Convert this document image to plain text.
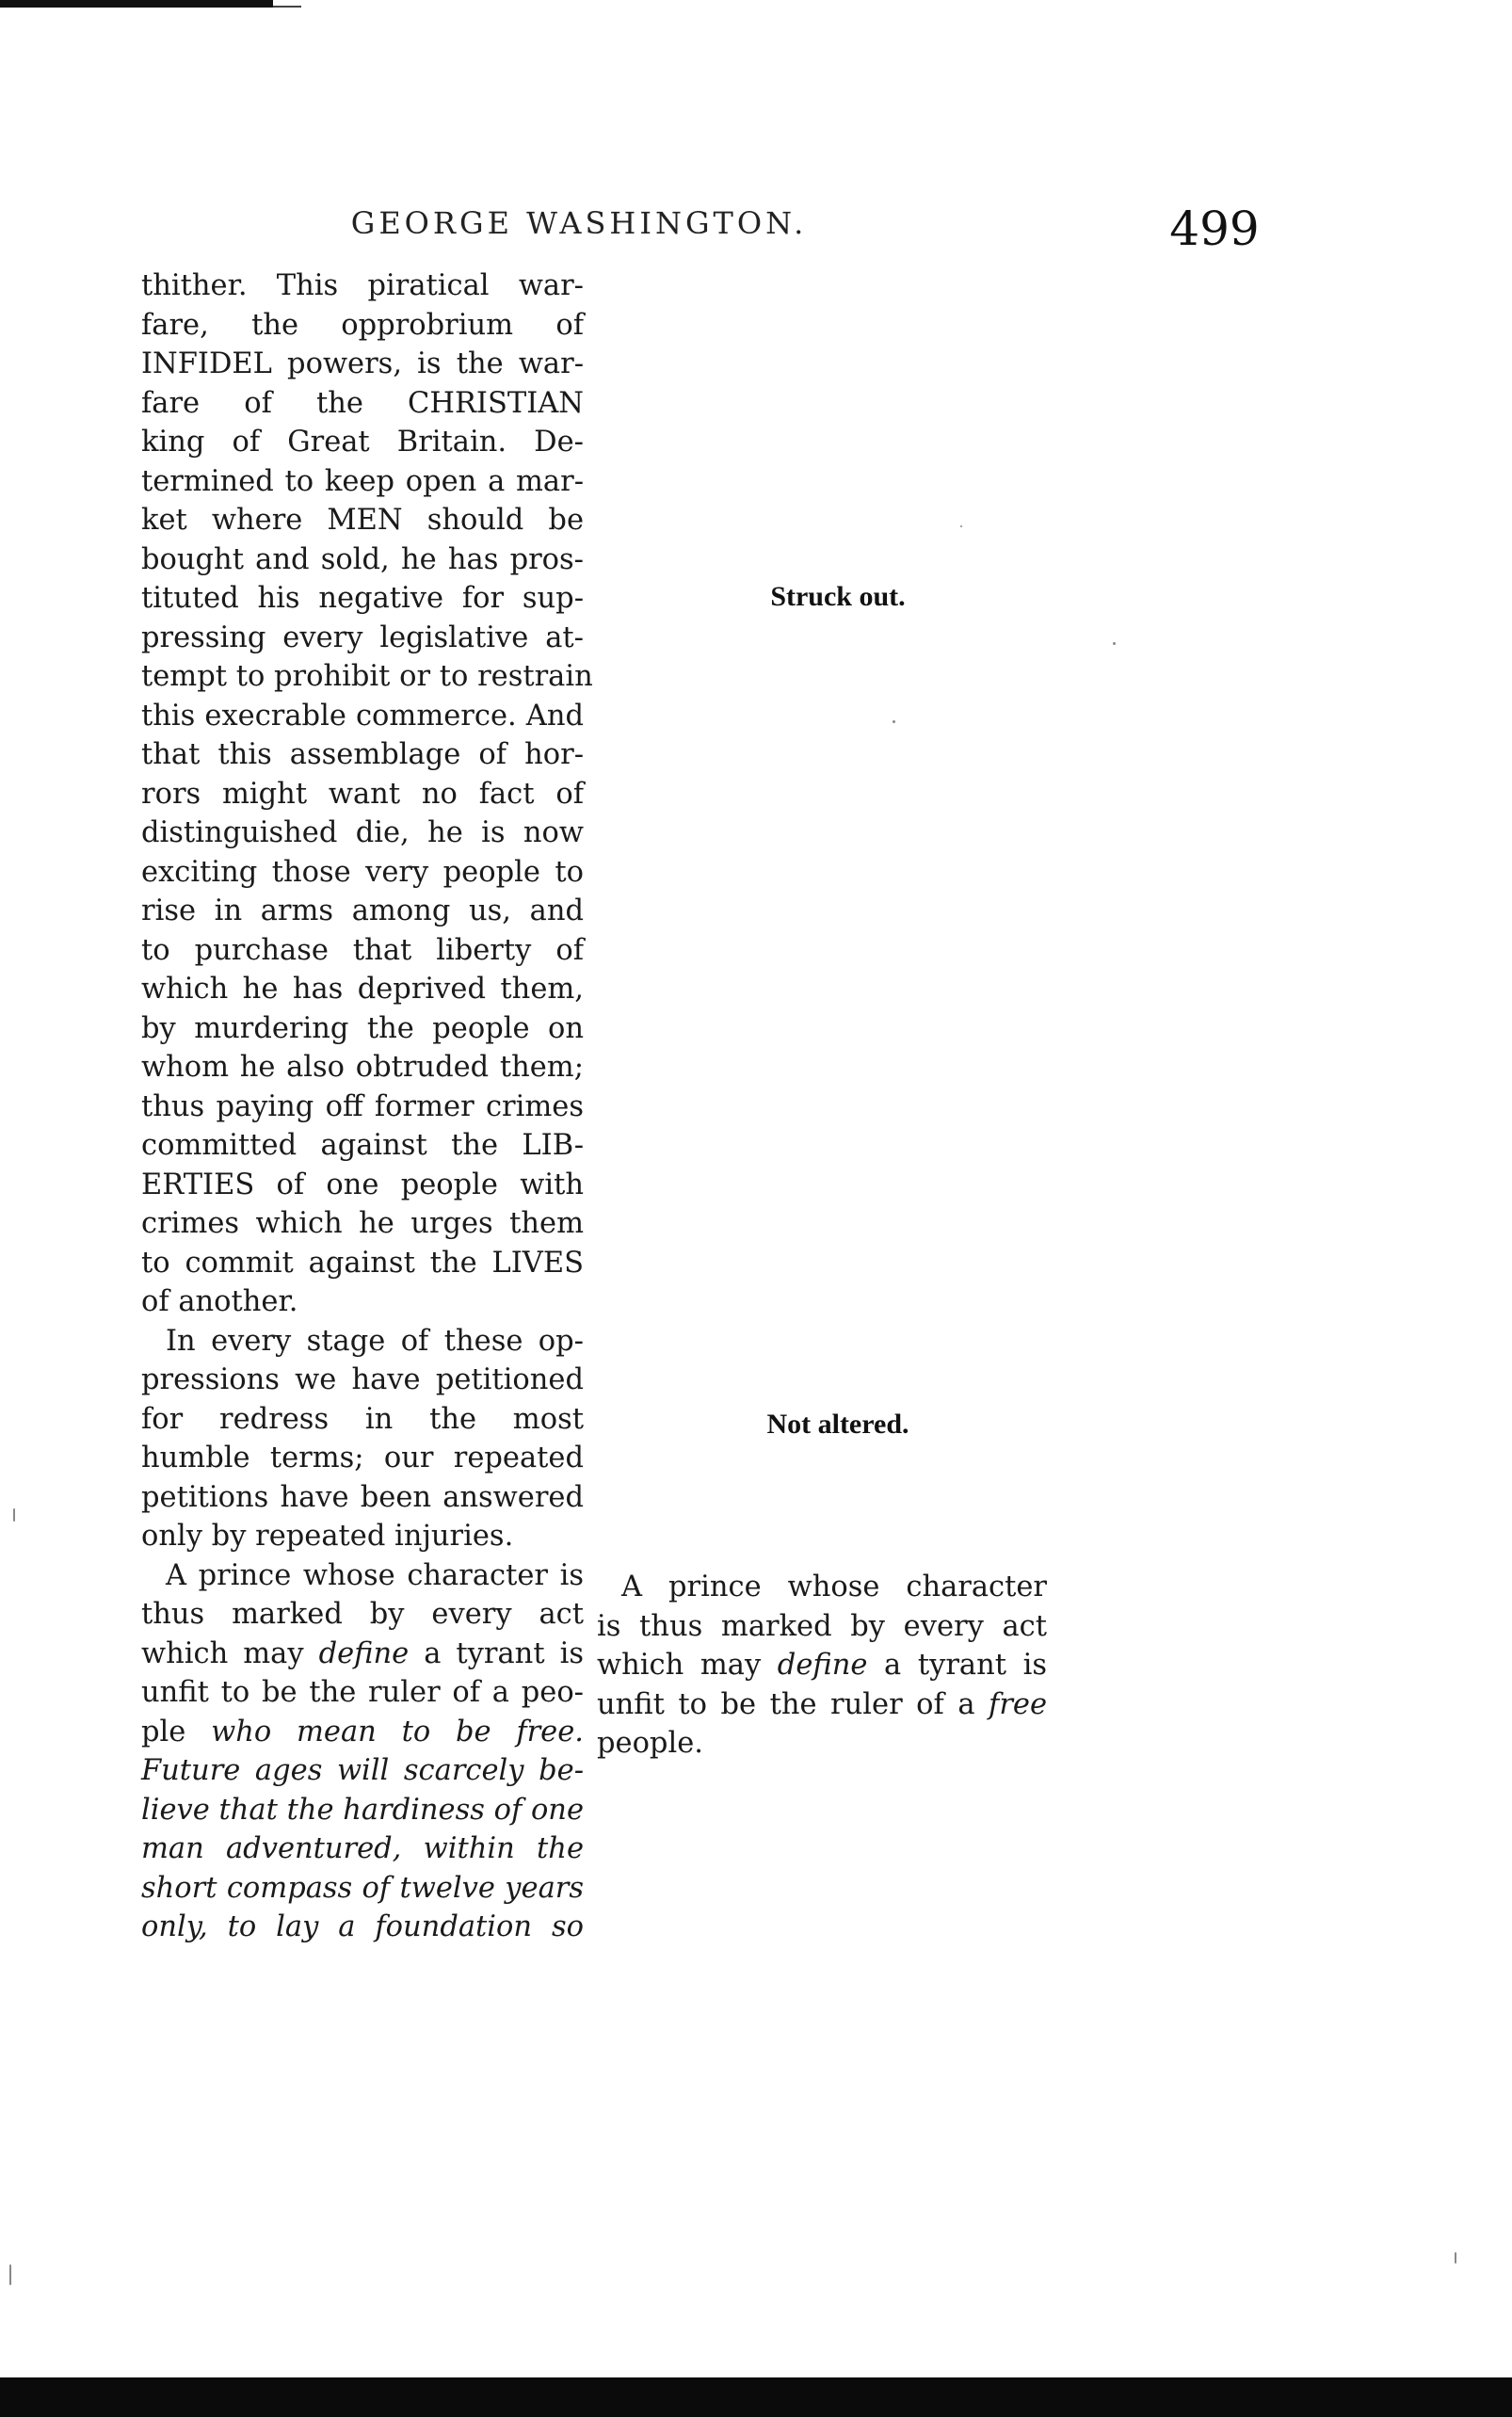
GEORGE WASHINGTON.	499
thither. This piratical war-
fare, the opprobrium of
INFIDEL powers, is the war-
fare of the CHRISTIAN
king of Great Britain. De-
termined to keep open a mar-
ket where MEN should be
bought and sold, he has pros-
tituted his negative for sup-
pressing every legislative at-
tempt to prohibit or to restrain
this execrable commerce. And
that this assemblage of hor-
rors might want no fact of
distinguished die, he is now
exciting those very people to
rise in arms among us, and
to purchase that liberty of
which he has deprived them,
by murdering the people on
whom he also obtruded them;
thus paying off former crimes
committed against the LIB-
ERTIES of one people with
crimes which he urges them
to commit against the LIVES
of another.
In every stage of these op-
pressions we have petitioned
for redress in the most
humble terms; our repeated
petitions have been answered
only by repeated injuries.
A prince whose character is
thus marked by every act
which may define a tyrant is
unfit to be the ruler of a peo-
ple who mean to be free.
Future ages will scarcely be-
lieve that the hardiness of one
man adventured, within the
short compass of twelve years
only, to lay a foundation so
Struck out.
Not altered.
A prince whose character
is thus marked by every act
which may define a tyrant is
unfit to be the ruler of a free
people.
